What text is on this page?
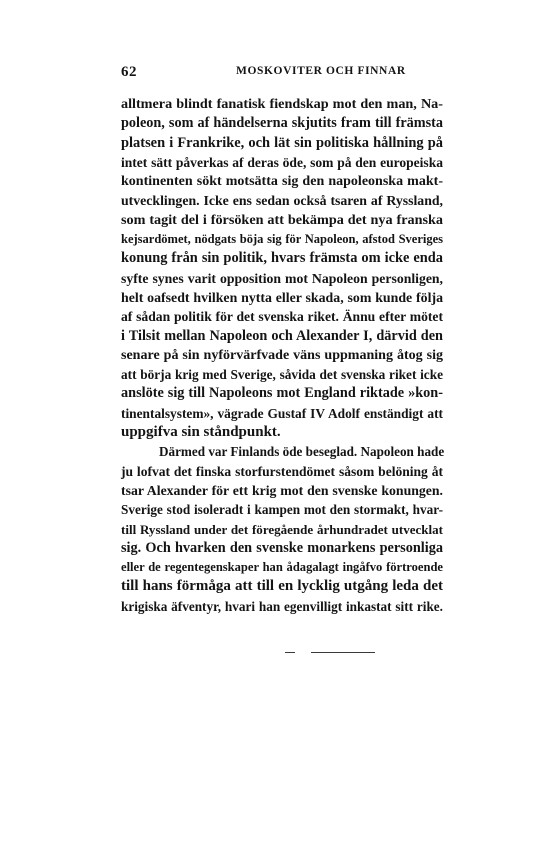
62	MOSKOVITER OCH FINNAR
alltmera blindt fanatisk fiendskap mot den man, Na-
poleon, som af händelserna skjutits fram till främsta
platsen i Frankrike, och lät sin politiska hållning på
intet sätt påverkas af deras öde, som på den europeiska
kontinenten sökt motsätta sig den napoleonska makt-
utvecklingen. Icke ens sedan också tsaren af Ryssland,
som tagit del i försöken att bekämpa det nya franska
kejsardömet, nödgats böja sig för Napoleon, afstod Sveriges
konung från sin politik, hvars främsta om icke enda
syfte synes varit opposition mot Napoleon personligen,
helt oafsedt hvilken nytta eller skada, som kunde följa
af sådan politik för det svenska riket. Ännu efter mötet
i Tilsit mellan Napoleon och Alexander I, därvid den
senare på sin nyförvärfvade väns uppmaning åtog sig
att börja krig med Sverige, såvida det svenska riket icke
anslöte sig till Napoleons mot England riktade »kon-
tinentalsystem», vägrade Gustaf IV Adolf enständigt att
uppgifva sin ståndpunkt.
Därmed var Finlands öde beseglad. Napoleon hade
ju lofvat det finska storfurstendömet såsom belöning åt
tsar Alexander för ett krig mot den svenske konungen.
Sverige stod isoleradt i kampen mot den stormakt, hvar-
till Ryssland under det föregående århundradet utvecklat
sig. Och hvarken den svenske monarkens personliga
eller de regentegenskaper han ådagalagt ingåfvo förtroende
till hans förmåga att till en lycklig utgång leda det
krigiska äfventyr, hvari han egenvilligt inkastat sitt rike.
